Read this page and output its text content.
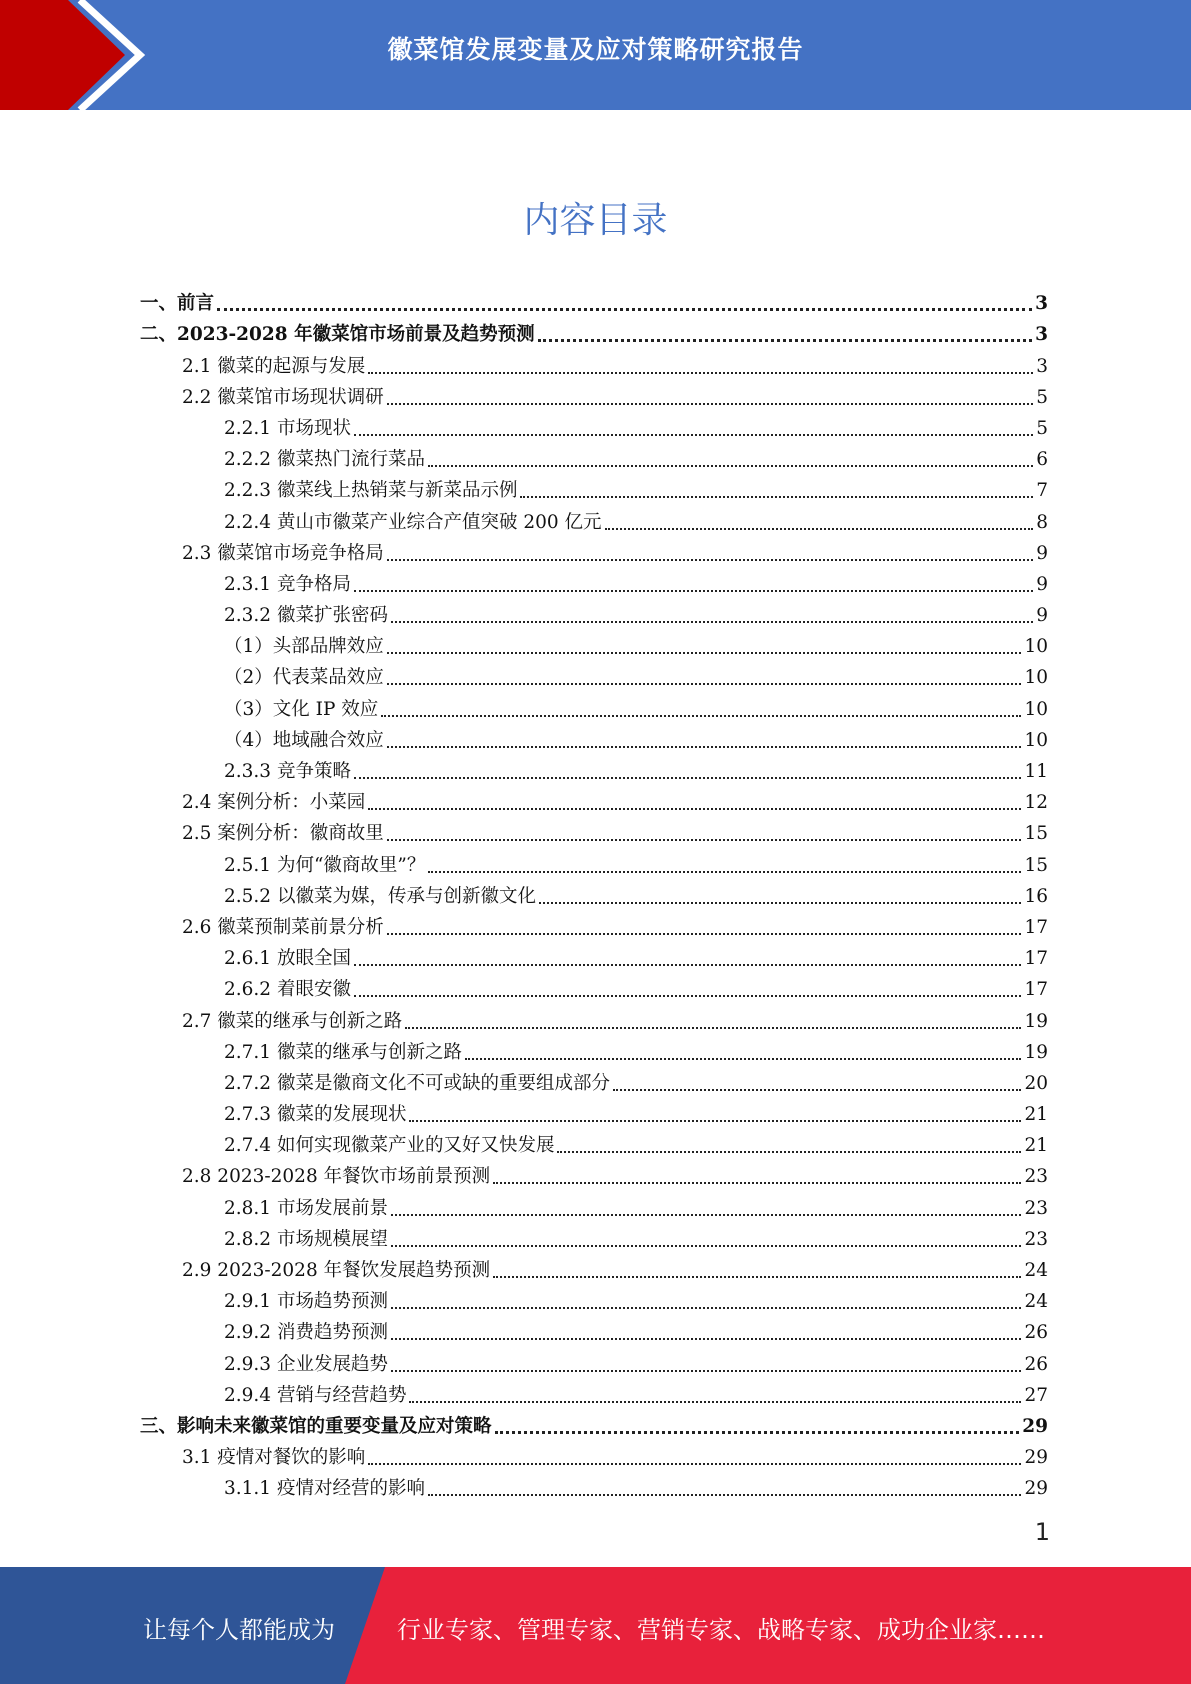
徽菜馆发展变量及应对策略研究报告
内容目录
一、前言	3
二、2023-2028 年徽菜馆市场前景及趋势预测	3
2.1 徽菜的起源与发展	3
2.2 徽菜馆市场现状调研	5
2.2.1 市场现状	5
2.2.2 徽菜热门流行菜品	6
2.2.3 徽菜线上热销菜与新菜品示例	7
2.2.4 黄山市徽菜产业综合产值突破 200 亿元	8
2.3 徽菜馆市场竞争格局	9
2.3.1 竞争格局	9
2.3.2 徽菜扩张密码	9
（1）头部品牌效应	10
（2）代表菜品效应	10
（3）文化 IP 效应	10
（4）地域融合效应	10
2.3.3 竞争策略	11
2.4 案例分析：小菜园	12
2.5 案例分析：徽商故里	15
2.5.1 为何“徽商故里”？	15
2.5.2 以徽菜为媒，传承与创新徽文化	16
2.6 徽菜预制菜前景分析	17
2.6.1 放眼全国	17
2.6.2 着眼安徽	17
2.7 徽菜的继承与创新之路	19
2.7.1 徽菜的继承与创新之路	19
2.7.2 徽菜是徽商文化不可或缺的重要组成部分	20
2.7.3 徽菜的发展现状	21
2.7.4 如何实现徽菜产业的又好又快发展	21
2.8 2023-2028 年餐饮市场前景预测	23
2.8.1 市场发展前景	23
2.8.2 市场规模展望	23
2.9 2023-2028 年餐饮发展趋势预测	24
2.9.1 市场趋势预测	24
2.9.2 消费趋势预测	26
2.9.3 企业发展趋势	26
2.9.4 营销与经营趋势	27
三、影响未来徽菜馆的重要变量及应对策略	29
3.1 疫情对餐饮的影响	29
3.1.1 疫情对经营的影响	29
1
让每个人都能成为	行业专家、管理专家、营销专家、战略专家、成功企业家……
